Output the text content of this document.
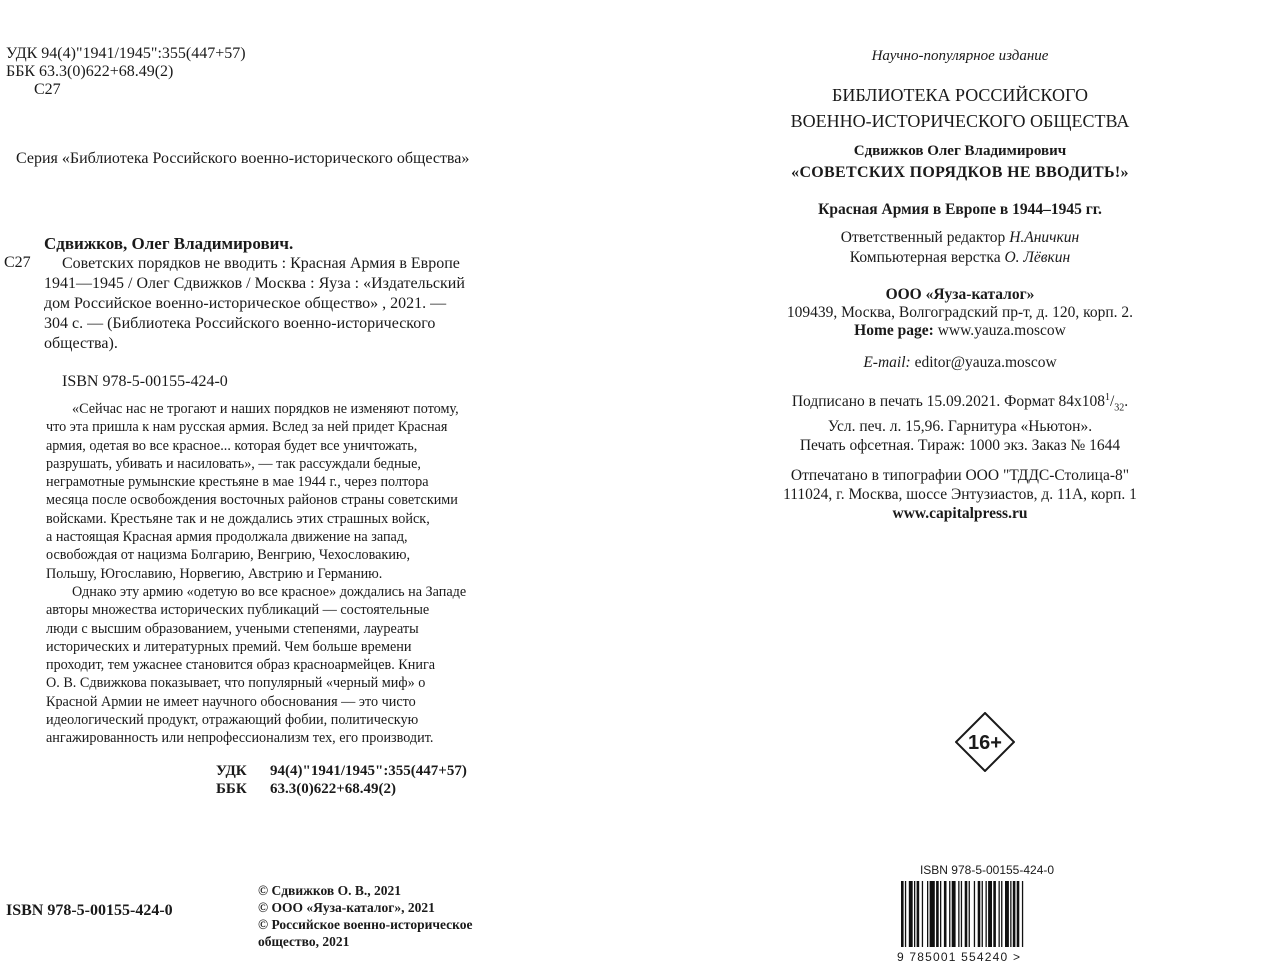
УДК 94(4)"1941/1945":355(447+57)
ББК 63.3(0)622+68.49(2)
С27
Серия «Библиотека Российского военно-исторического общества»
Сдвижков, Олег Владимирович.
С27	Советских порядков не вводить : Красная Армия в Европе
1941—1945 / Олег Сдвижков / Москва : Яуза : «Издательский
дом Российское военно-историческое общество» , 2021. —
304 с. — (Библиотека Российского военно-исторического
общества).
ISBN 978-5-00155-424-0
«Сейчас нас не трогают и наших порядков не изменяют потому,
что эта пришла к нам русская армия. Вслед за ней придет Красная
армия, одетая во все красное... которая будет все уничтожать,
разрушать, убивать и насиловать», — так рассуждали бедные,
неграмотные румынские крестьяне в мае 1944 г., через полтора
месяца после освобождения восточных районов страны советскими
войсками. Крестьяне так и не дождались этих страшных войск,
а настоящая Красная армия продолжала движение на запад,
освобождая от нацизма Болгарию, Венгрию, Чехословакию,
Польшу, Югославию, Норвегию, Австрию и Германию.
Однако эту армию «одетую во все красное» дождались на Западе
авторы множества исторических публикаций — состоятельные
люди с высшим образованием, учеными степенями, лауреаты
исторических и литературных премий. Чем больше времени
проходит, тем ужаснее становится образ красноармейцев. Книга
О. В. Сдвижкова показывает, что популярный «черный миф» о
Красной Армии не имеет научного обоснования — это чисто
идеологический продукт, отражающий фобии, политическую
ангажированность или непрофессионализм тех, его производит.
УДК 94(4)"1941/1945":355(447+57)
ББК 63.3(0)622+68.49(2)
ISBN 978-5-00155-424-0
© Сдвижков О. В., 2021
© ООО «Яуза-каталог», 2021
© Российское военно-историческое
общество, 2021
Научно-популярное издание
БИБЛИОТЕКА РОССИЙСКОГО
ВОЕННО-ИСТОРИЧЕСКОГО ОБЩЕСТВА
Сдвижков Олег Владимирович
«СОВЕТСКИХ ПОРЯДКОВ НЕ ВВОДИТЬ!»
Красная Армия в Европе в 1944–1945 гг.
Ответственный редактор Н.Аничкин
Компьютерная верстка О. Лёвкин
ООО «Яуза-каталог»
109439, Москва, Волгоградский пр-т, д. 120, корп. 2.
Home page: www.yauza.moscow
E-mail: editor@yauza.moscow
Подписано в печать 15.09.2021. Формат $84x108^1/_{32}$.
Усл. печ. л. 15,96. Гарнитура «Ньютон».
Печать офсетная. Тираж: 1000 экз. Заказ № 1644
Отпечатано в типографии ООО "ТДДС-Столица-8"
111024, г. Москва, шоссе Энтузиастов, д. 11А, корп. 1
www.capitalpress.ru
16+
ISBN 978-5-00155-424-0
9 785001 554240 >
